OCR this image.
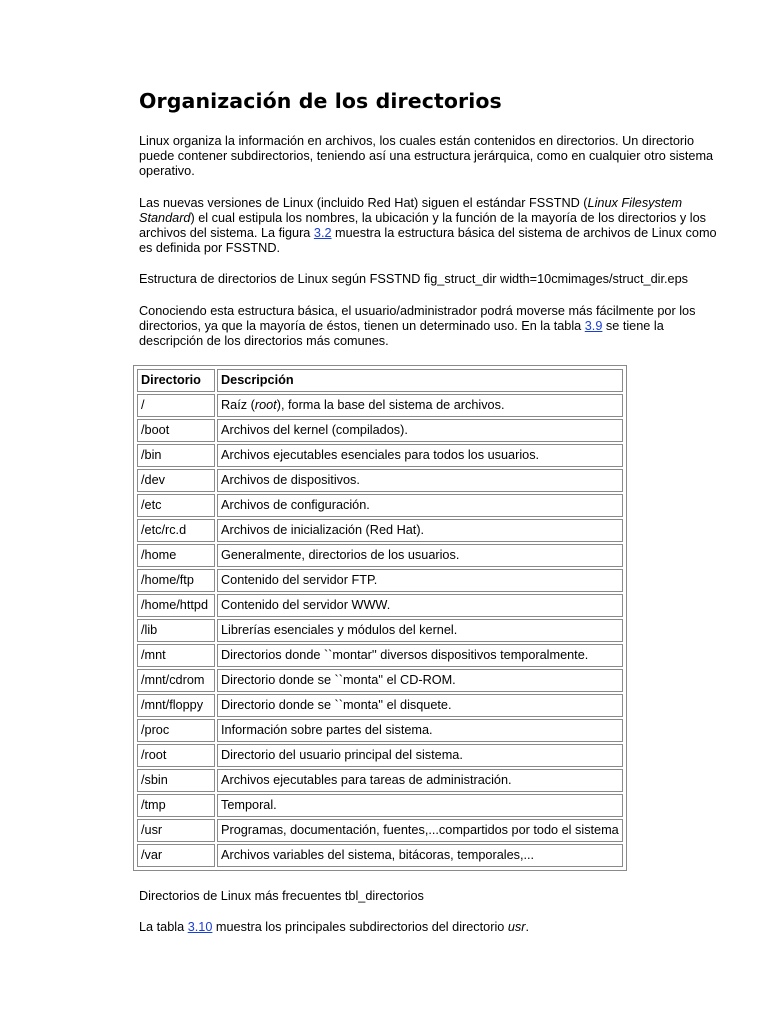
Organización de los directorios

Linux organiza la información en archivos, los cuales están contenidos en directorios. Un directorio puede contener subdirectorios, teniendo así una estructura jerárquica, como en cualquier otro sistema operativo.

Las nuevas versiones de Linux (incluido Red Hat) siguen el estándar FSSTND (Linux Filesystem Standard) el cual estipula los nombres, la ubicación y la función de la mayoría de los directorios y los archivos del sistema. La figura 3.2 muestra la estructura básica del sistema de archivos de Linux como es definida por FSSTND.

Estructura de directorios de Linux según FSSTND fig_struct_dir width=10cmimages/struct_dir.eps

Conociendo esta estructura básica, el usuario/administrador podrá moverse más fácilmente por los directorios, ya que la mayoría de éstos, tienen un determinado uso. En la tabla 3.9 se tiene la descripción de los directorios más comunes.

Directorio	Descripción
/	Raíz (root), forma la base del sistema de archivos.
/boot	Archivos del kernel (compilados).
/bin	Archivos ejecutables esenciales para todos los usuarios.
/dev	Archivos de dispositivos.
/etc	Archivos de configuración.
/etc/rc.d	Archivos de inicialización (Red Hat).
/home	Generalmente, directorios de los usuarios.
/home/ftp	Contenido del servidor FTP.
/home/httpd	Contenido del servidor WWW.
/lib	Librerías esenciales y módulos del kernel.
/mnt	Directorios donde ``montar'' diversos dispositivos temporalmente.
/mnt/cdrom	Directorio donde se ``monta'' el CD-ROM.
/mnt/floppy	Directorio donde se ``monta'' el disquete.
/proc	Información sobre partes del sistema.
/root	Directorio del usuario principal del sistema.
/sbin	Archivos ejecutables para tareas de administración.
/tmp	Temporal.
/usr	Programas, documentación, fuentes,...compartidos por todo el sistema
/var	Archivos variables del sistema, bitácoras, temporales,...

Directorios de Linux más frecuentes tbl_directorios

La tabla 3.10 muestra los principales subdirectorios del directorio usr.
